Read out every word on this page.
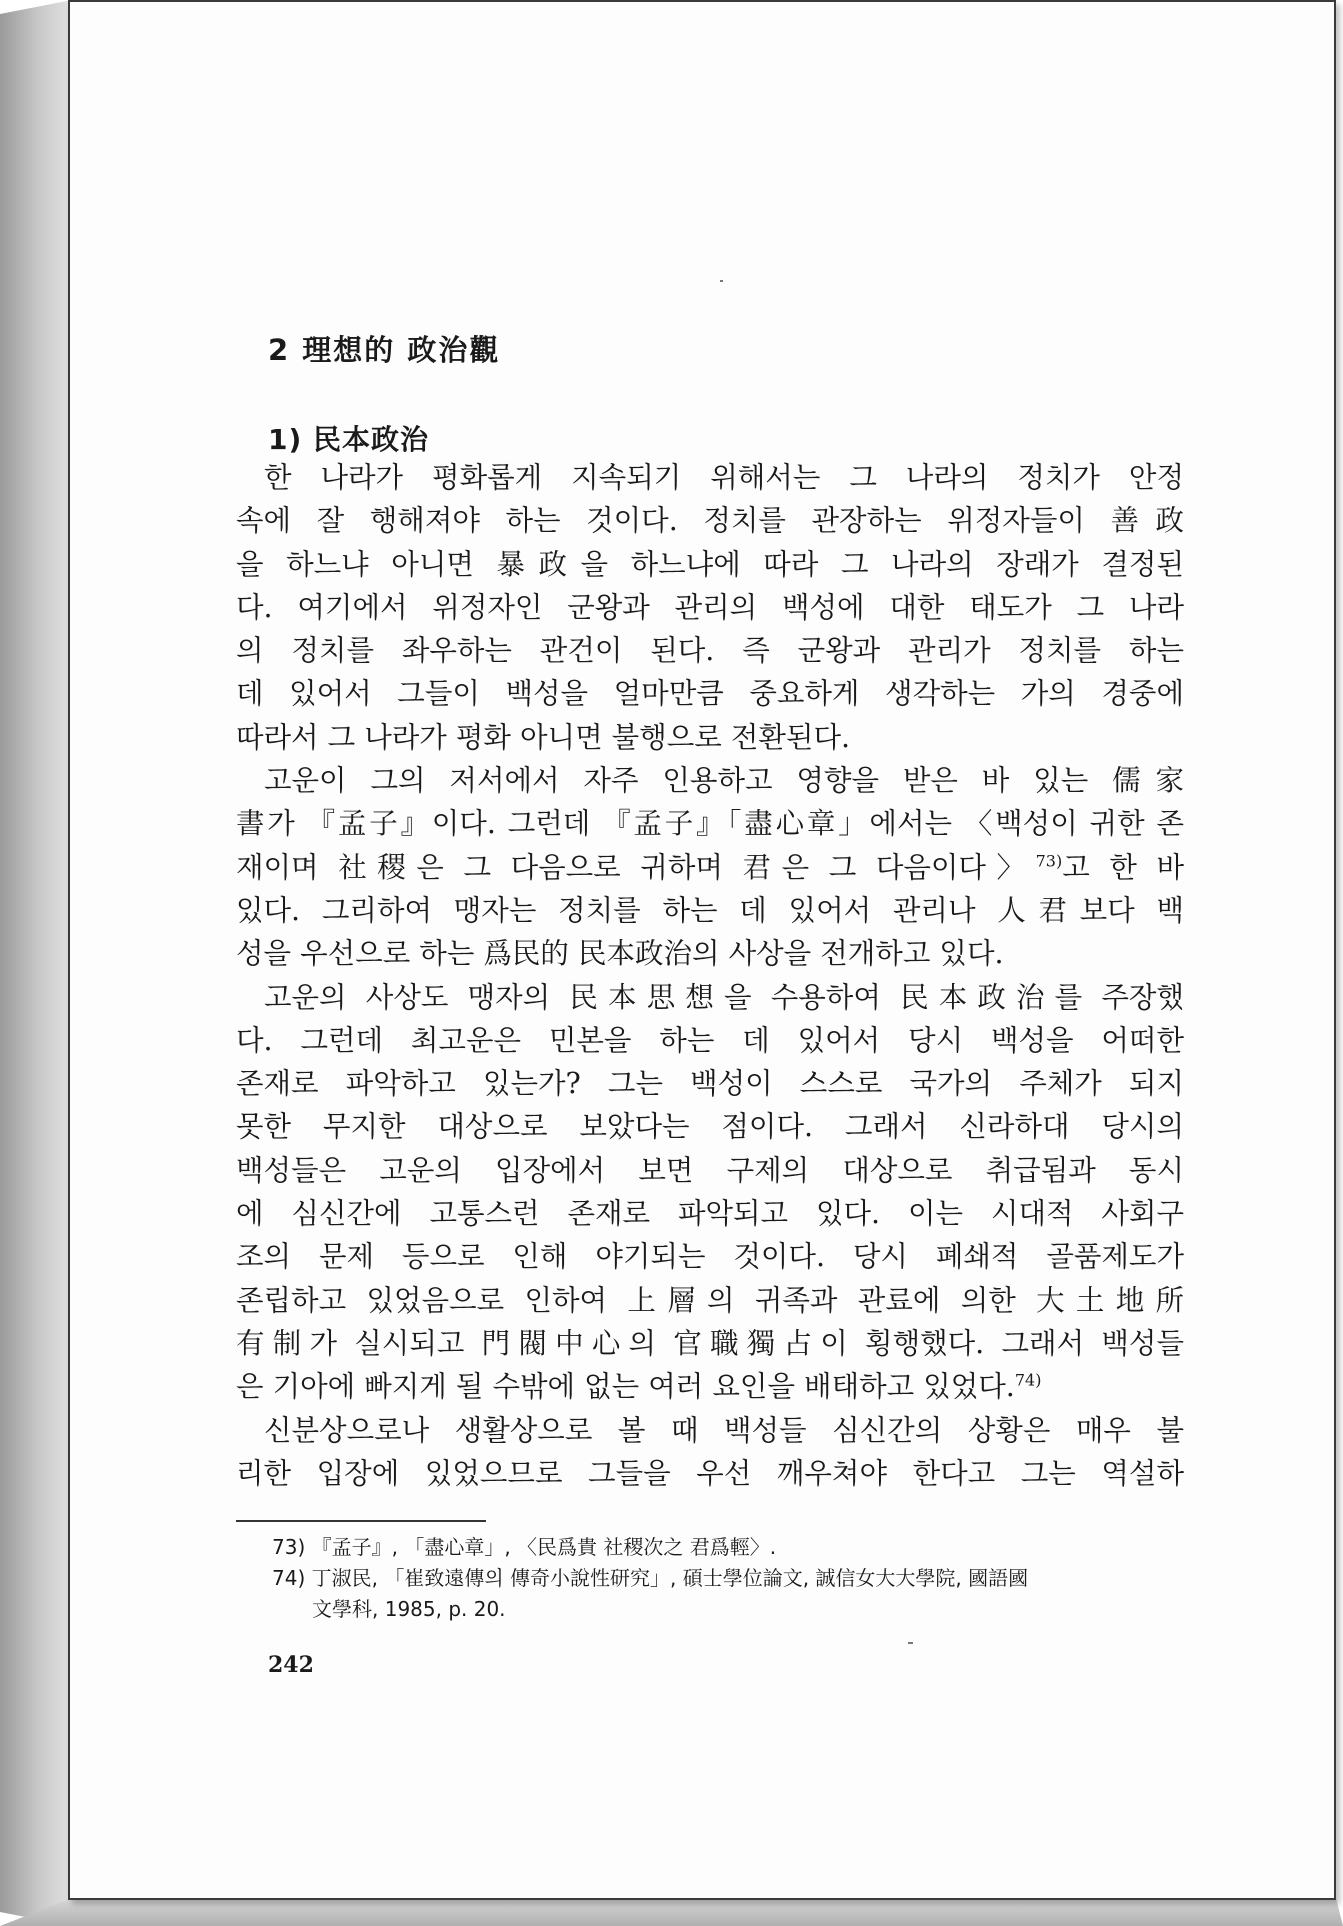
2 理想的 政治觀
1) 民本政治

한 나라가 평화롭게 지속되기 위해서는 그 나라의 정치가 안정
속에 잘 행해져야 하는 것이다. 정치를 관장하는 위정자들이 善政
을 하느냐 아니면 暴政을 하느냐에 따라 그 나라의 장래가 결정된
다. 여기에서 위정자인 군왕과 관리의 백성에 대한 태도가 그 나라
의 정치를 좌우하는 관건이 된다. 즉 군왕과 관리가 정치를 하는
데 있어서 그들이 백성을 얼마만큼 중요하게 생각하는 가의 경중에
따라서 그 나라가 평화 아니면 불행으로 전환된다.

고운이 그의 저서에서 자주 인용하고 영향을 받은 바 있는 儒家
書가 『孟子』이다. 그런데 『孟子』「盡心章」에서는 〈백성이 귀한 존
재이며 社稷은 그 다음으로 귀하며 君은 그 다음이다〉$^{73)}$고 한 바
있다. 그리하여 맹자는 정치를 하는 데 있어서 관리나 人君보다 백
성을 우선으로 하는 爲民的 民本政治의 사상을 전개하고 있다.

고운의 사상도 맹자의 民本思想을 수용하여 民本政治를 주장했
다. 그런데 최고운은 민본을 하는 데 있어서 당시 백성을 어떠한
존재로 파악하고 있는가? 그는 백성이 스스로 국가의 주체가 되지
못한 무지한 대상으로 보았다는 점이다. 그래서 신라하대 당시의
백성들은 고운의 입장에서 보면 구제의 대상으로 취급됨과 동시
에 심신간에 고통스런 존재로 파악되고 있다. 이는 시대적 사회구
조의 문제 등으로 인해 야기되는 것이다. 당시 폐쇄적 골품제도가
존립하고 있었음으로 인하여 上層의 귀족과 관료에 의한 大土地所
有制가 실시되고 門閥中心의 官職獨占이 횡행했다. 그래서 백성들
은 기아에 빠지게 될 수밖에 없는 여러 요인을 배태하고 있었다.$^{74)}$

신분상으로나 생활상으로 볼 때 백성들 심신간의 상황은 매우 불
리한 입장에 있었으므로 그들을 우선 깨우쳐야 한다고 그는 역설하

73) 『孟子』, 「盡心章」, 〈民爲貴 社稷次之 君爲輕〉.

74) 丁淑民, 「崔致遠傳의 傳奇小說性研究」, 碩士學位論文, 誠信女大大學院, 國語國
文學科, 1985, p. 20.

242
